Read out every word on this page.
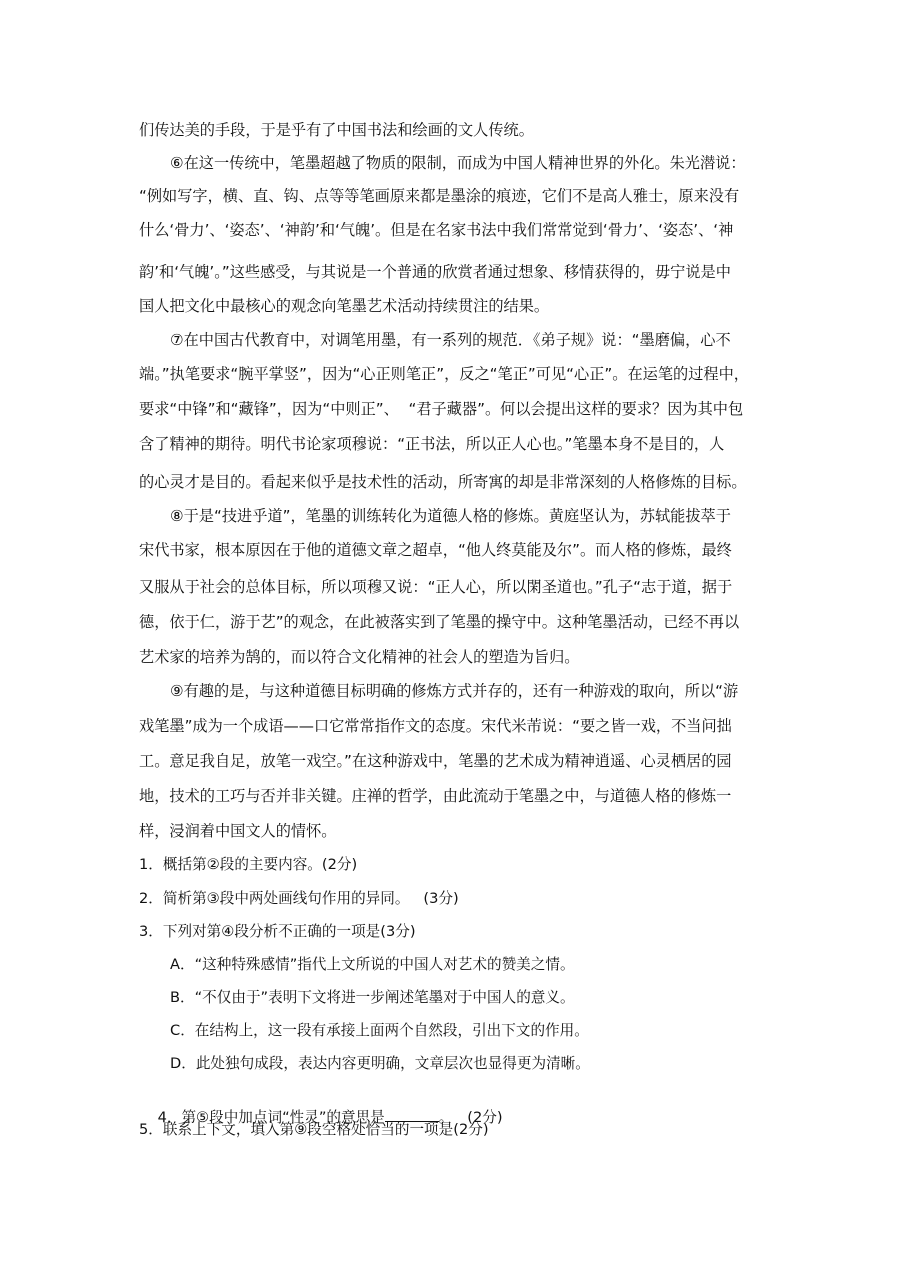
们传达美的手段，于是乎有了中国书法和绘画的文人传统。
⑥在这一传统中，笔墨超越了物质的限制，而成为中国人精神世界的外化。朱光潜说：
“例如写字，横、直、钩、点等等笔画原来都是墨涂的痕迹，它们不是高人雅士，原来没有
什么‘骨力’、‘姿态’、‘神韵’和‘气魄’。但是在名家书法中我们常常觉到‘骨力’、‘姿态’、‘神
韵’和‘气魄’。”这些感受，与其说是一个普通的欣赏者通过想象、移情获得的，毋宁说是中
国人把文化中最核心的观念向笔墨艺术活动持续贯注的结果。
⑦在中国古代教育中，对调笔用墨，有一系列的规范．《弟子规》说：“墨磨偏，心不
端。”执笔要求“腕平掌竖”，因为“心正则笔正”，反之“笔正”可见“心正”。在运笔的过程中，
要求“中锋”和“藏锋”，因为“中则正”、  “君子藏器”。何以会提出这样的要求？因为其中包
含了精神的期待。明代书论家项穆说：“正书法，所以正人心也。”笔墨本身不是目的，人
的心灵才是目的。看起来似乎是技术性的活动，所寄寓的却是非常深刻的人格修炼的目标。
⑧于是“技进乎道”，笔墨的训练转化为道德人格的修炼。黄庭坚认为，苏轼能拔萃于
宋代书家，根本原因在于他的道德文章之超卓，“他人终莫能及尔”。而人格的修炼，最终
又服从于社会的总体目标，所以项穆又说：“正人心，所以閑圣道也。”孔子“志于道，据于
德，依于仁，游于艺”的观念，在此被落实到了笔墨的操守中。这种笔墨活动，已经不再以
艺术家的培养为鹄的，而以符合文化精神的社会人的塑造为旨归。
⑨有趣的是，与这种道德目标明确的修炼方式并存的，还有一种游戏的取向，所以“游
戏笔墨”成为一个成语——口它常常指作文的态度。宋代米芾说：“要之皆一戏，不当问拙
工。意足我自足，放笔一戏空。”在这种游戏中，笔墨的艺术成为精神逍遥、心灵栖居的园
地，技术的工巧与否并非关键。庄禅的哲学，由此流动于笔墨之中，与道德人格的修炼一
样，浸润着中国文人的情怀。
1．概括第②段的主要内容。(2分)
2．简析第③段中两处画线句作用的异同。   (3分)
3．下列对第④段分析不正确的一项是(3分)
A．“这种特殊感情”指代上文所说的中国人对艺术的赞美之情。
B．“不仅由于”表明下文将进一步阐述笔墨对于中国人的意义。
C．在结构上，这一段有承接上面两个自然段，引出下文的作用。
D．此处独句成段，表达内容更明确，文章层次也显得更为清晰。

4．第⑤段中加点词“性灵”的意思是	。   (2分)

5．联系上下文，填入第⑨段空格处恰当的一项是(2分)
